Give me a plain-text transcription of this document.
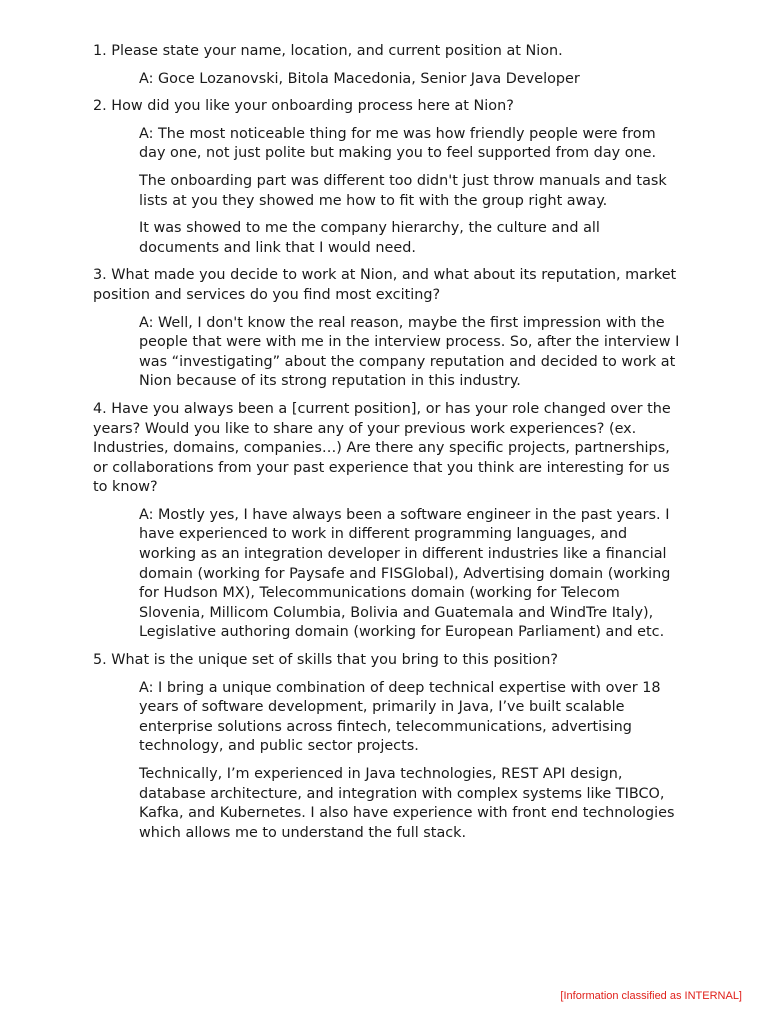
1. Please state your name, location, and current position at Nion.

A: Goce Lozanovski, Bitola Macedonia, Senior Java Developer

2. How did you like your onboarding process here at Nion?

A: The most noticeable thing for me was how friendly people were from day one, not just polite but making you to feel supported from day one.

The onboarding part was different too didn't just throw manuals and task lists at you they showed me how to fit with the group right away.

It was showed to me the company hierarchy, the culture and all documents and link that I would need.

3. What made you decide to work at Nion, and what about its reputation, market position and services do you find most exciting?

A: Well, I don't know the real reason, maybe the first impression with the people that were with me in the interview process. So, after the interview I was “investigating” about the company reputation and decided to work at Nion because of its strong reputation in this industry.

4. Have you always been a [current position], or has your role changed over the years? Would you like to share any of your previous work experiences? (ex. Industries, domains, companies…) Are there any specific projects, partnerships, or collaborations from your past experience that you think are interesting for us to know?

A: Mostly yes, I have always been a software engineer in the past years. I have experienced to work in different programming languages, and working as an integration developer in different industries like a financial domain (working for Paysafe and FISGlobal), Advertising domain (working for Hudson MX), Telecommunications domain (working for Telecom Slovenia, Millicom Columbia, Bolivia and Guatemala and WindTre Italy), Legislative authoring domain (working for European Parliament) and etc.

5. What is the unique set of skills that you bring to this position?

A: I bring a unique combination of deep technical expertise with over 18 years of software development, primarily in Java, I’ve built scalable enterprise solutions across fintech, telecommunications, advertising technology, and public sector projects.

Technically, I’m experienced in Java technologies, REST API design, database architecture, and integration with complex systems like TIBCO, Kafka, and Kubernetes. I also have experience with front end technologies which allows me to understand the full stack.

[Information classified as INTERNAL]
